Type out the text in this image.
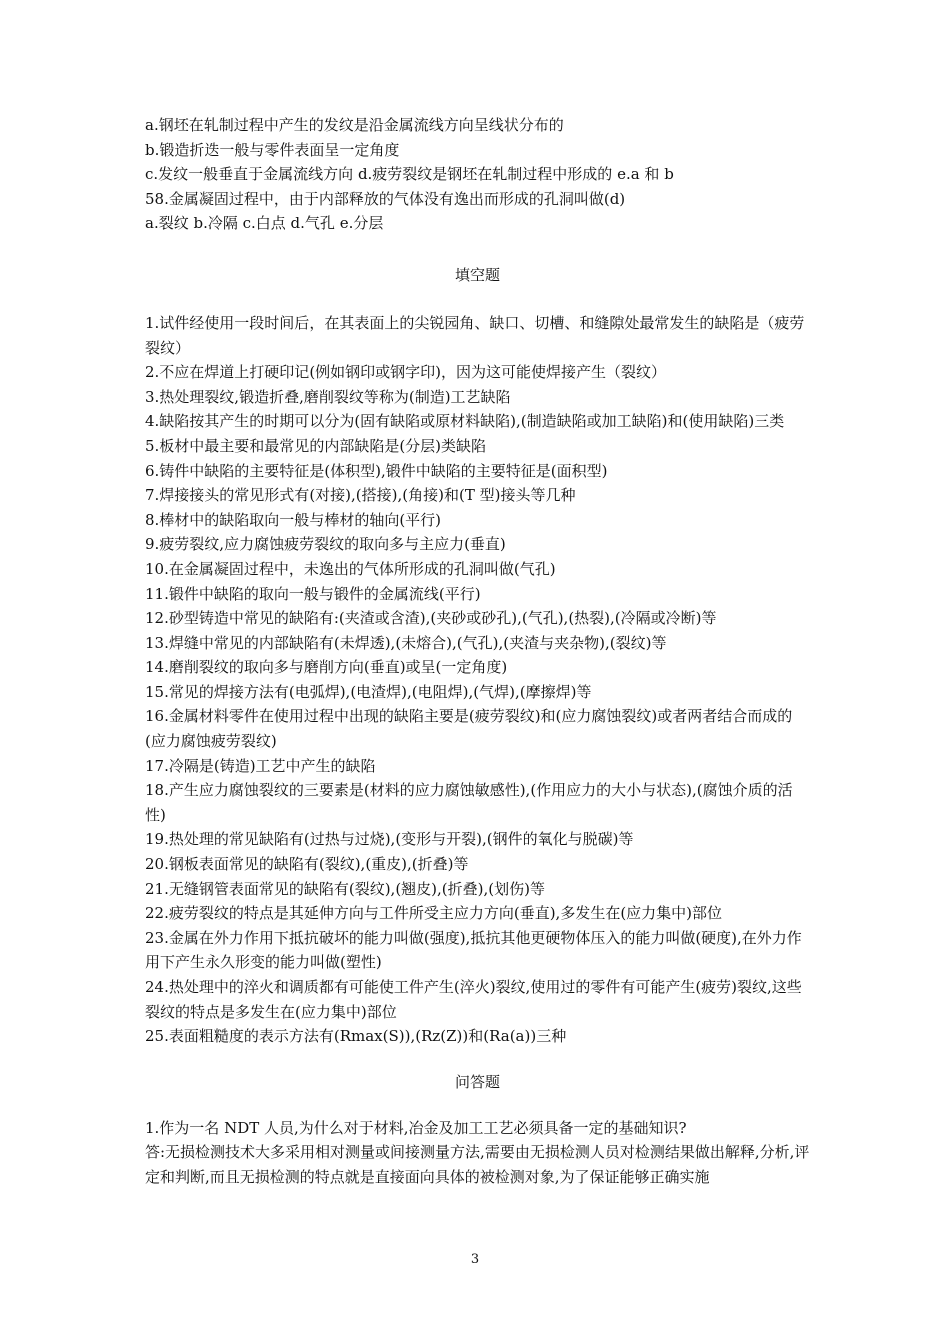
a.钢坯在轧制过程中产生的发纹是沿金属流线方向呈线状分布的

b.锻造折迭一般与零件表面呈一定角度

c.发纹一般垂直于金属流线方向 d.疲劳裂纹是钢坯在轧制过程中形成的 e.a 和 b

58.金属凝固过程中，由于内部释放的气体没有逸出而形成的孔洞叫做(d)

a.裂纹 b.冷隔 c.白点 d.气孔 e.分层

填空题

1.试件经使用一段时间后，在其表面上的尖锐园角、缺口、切槽、和缝隙处最常发生的缺陷是（疲劳裂纹）

2.不应在焊道上打硬印记(例如钢印或钢字印)，因为这可能使焊接产生（裂纹）

3.热处理裂纹,锻造折叠,磨削裂纹等称为(制造)工艺缺陷

4.缺陷按其产生的时期可以分为(固有缺陷或原材料缺陷),(制造缺陷或加工缺陷)和(使用缺陷)三类

5.板材中最主要和最常见的内部缺陷是(分层)类缺陷

6.铸件中缺陷的主要特征是(体积型),锻件中缺陷的主要特征是(面积型)

7.焊接接头的常见形式有(对接),(搭接),(角接)和(T 型)接头等几种

8.棒材中的缺陷取向一般与棒材的轴向(平行)

9.疲劳裂纹,应力腐蚀疲劳裂纹的取向多与主应力(垂直)

10.在金属凝固过程中，未逸出的气体所形成的孔洞叫做(气孔)

11.锻件中缺陷的取向一般与锻件的金属流线(平行)

12.砂型铸造中常见的缺陷有:(夹渣或含渣),(夹砂或砂孔),(气孔),(热裂),(冷隔或冷断)等

13.焊缝中常见的内部缺陷有(未焊透),(未熔合),(气孔),(夹渣与夹杂物),(裂纹)等

14.磨削裂纹的取向多与磨削方向(垂直)或呈(一定角度)

15.常见的焊接方法有(电弧焊),(电渣焊),(电阻焊),(气焊),(摩擦焊)等

16.金属材料零件在使用过程中出现的缺陷主要是(疲劳裂纹)和(应力腐蚀裂纹)或者两者结合而成的(应力腐蚀疲劳裂纹)

17.冷隔是(铸造)工艺中产生的缺陷

18.产生应力腐蚀裂纹的三要素是(材料的应力腐蚀敏感性),(作用应力的大小与状态),(腐蚀介质的活性)

19.热处理的常见缺陷有(过热与过烧),(变形与开裂),(钢件的氧化与脱碳)等

20.钢板表面常见的缺陷有(裂纹),(重皮),(折叠)等

21.无缝钢管表面常见的缺陷有(裂纹),(翘皮),(折叠),(划伤)等

22.疲劳裂纹的特点是其延伸方向与工件所受主应力方向(垂直),多发生在(应力集中)部位

23.金属在外力作用下抵抗破坏的能力叫做(强度),抵抗其他更硬物体压入的能力叫做(硬度),在外力作用下产生永久形变的能力叫做(塑性)

24.热处理中的淬火和调质都有可能使工件产生(淬火)裂纹,使用过的零件有可能产生(疲劳)裂纹,这些裂纹的特点是多发生在(应力集中)部位

25.表面粗糙度的表示方法有(Rmax(S)),(Rz(Z))和(Ra(a))三种

问答题

1.作为一名 NDT 人员,为什么对于材料,冶金及加工工艺必须具备一定的基础知识?

答:无损检测技术大多采用相对测量或间接测量方法,需要由无损检测人员对检测结果做出解释,分析,评定和判断,而且无损检测的特点就是直接面向具体的被检测对象,为了保证能够正确实施

3
